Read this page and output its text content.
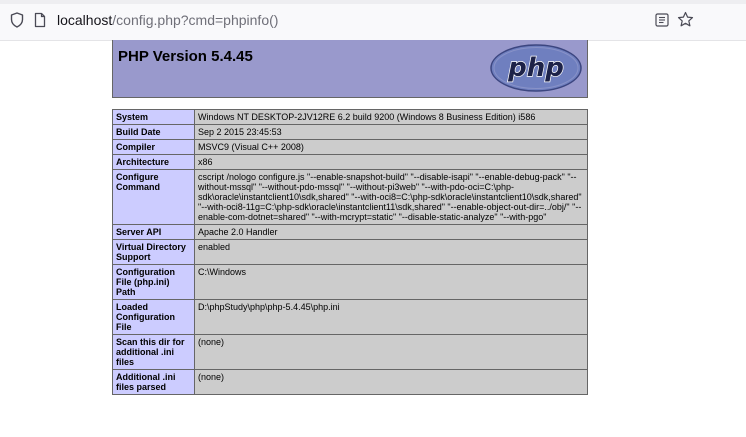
localhost/config.php?cmd=phpinfo()
PHP Version 5.4.45	php
System	Windows NT DESKTOP-2JV12RE 6.2 build 9200 (Windows 8 Business Edition) i586
Build Date	Sep 2 2015 23:45:53
Compiler	MSVC9 (Visual C++ 2008)
Architecture	x86
Configure Command	cscript /nologo configure.js "--enable-snapshot-build" "--disable-isapi" "--enable-debug-pack" "--without-mssql" "--without-pdo-mssql" "--without-pi3web" "--with-pdo-oci=C:\php-sdk\oracle\instantclient10\sdk,shared" "--with-oci8=C:\php-sdk\oracle\instantclient10\sdk,shared" "--with-oci8-11g=C:\php-sdk\oracle\instantclient11\sdk,shared" "--enable-object-out-dir=../obj/" "--enable-com-dotnet=shared" "--with-mcrypt=static" "--disable-static-analyze" "--with-pgo"
Server API	Apache 2.0 Handler
Virtual Directory Support	enabled
Configuration File (php.ini) Path	C:\Windows
Loaded Configuration File	D:\phpStudy\php\php-5.4.45\php.ini
Scan this dir for additional .ini files	(none)
Additional .ini files parsed	(none)
